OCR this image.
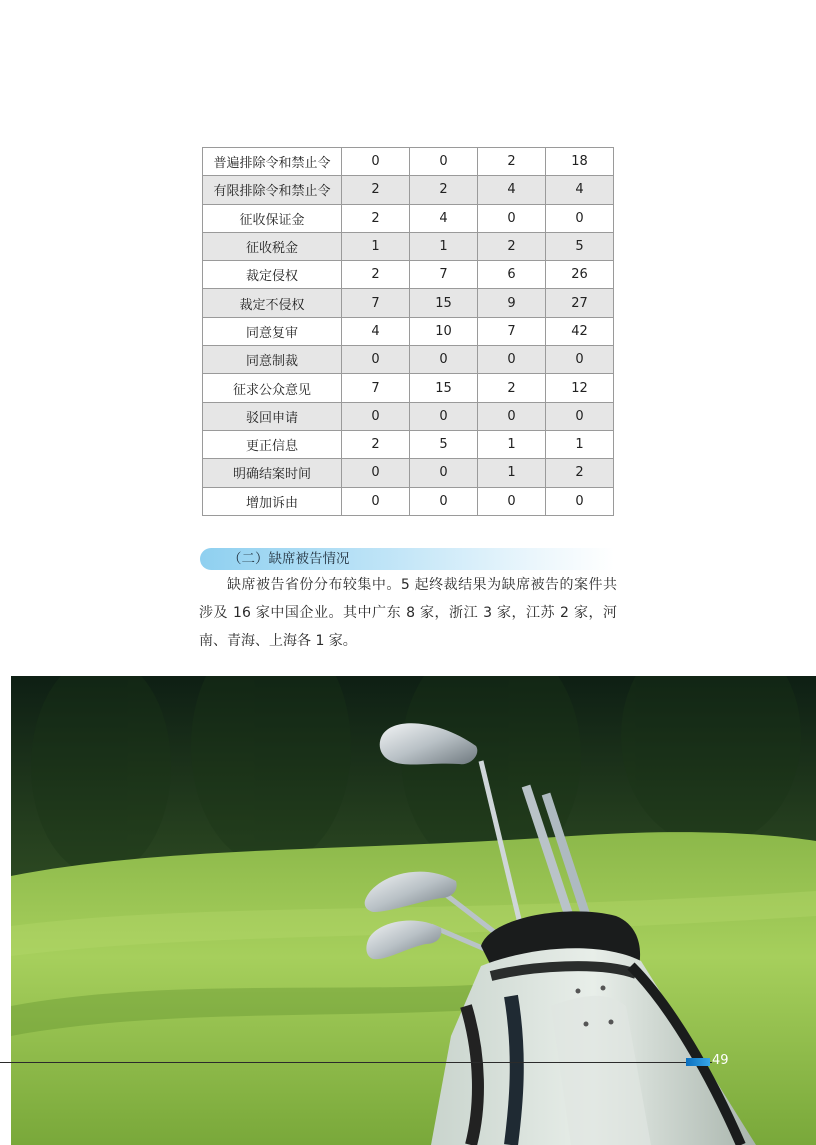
普遍排除令和禁止令	0	0	2	18
有限排除令和禁止令	2	2	4	4
征收保证金	2	4	0	0
征收税金	1	1	2	5
裁定侵权	2	7	6	26
裁定不侵权	7	15	9	27
同意复审	4	10	7	42
同意制裁	0	0	0	0
征求公众意见	7	15	2	12
驳回申请	0	0	0	0
更正信息	2	5	1	1
明确结案时间	0	0	1	2
增加诉由	0	0	0	0
（二）缺席被告情况

缺席被告省份分布较集中。5 起终裁结果为缺席被告的案件共涉及 16 家中国企业。其中广东 8 家，浙江 3 家，江苏 2 家，河南、青海、上海各 1 家。

49
